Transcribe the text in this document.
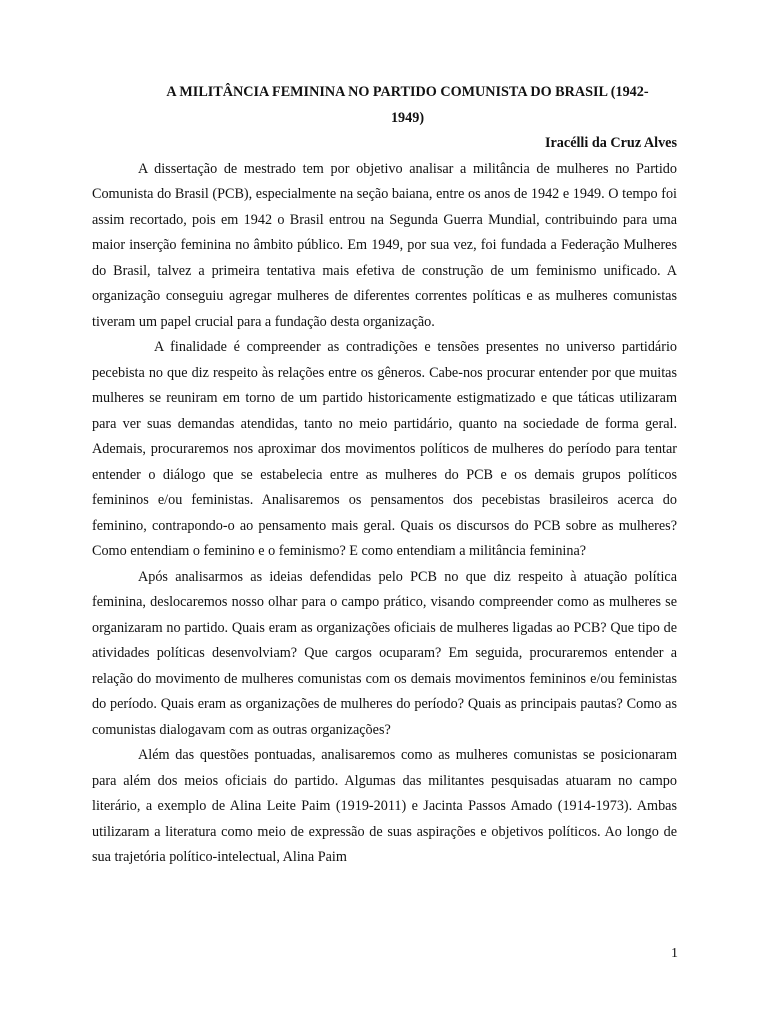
A MILITÂNCIA FEMININA NO PARTIDO COMUNISTA DO BRASIL (1942-
1949)

Iracélli da Cruz Alves

A dissertação de mestrado tem por objetivo analisar a militância de mulheres no Partido Comunista do Brasil (PCB), especialmente na seção baiana, entre os anos de 1942 e 1949. O tempo foi assim recortado, pois em 1942 o Brasil entrou na Segunda Guerra Mundial, contribuindo para uma maior inserção feminina no âmbito público. Em 1949, por sua vez, foi fundada a Federação Mulheres do Brasil, talvez a primeira tentativa mais efetiva de construção de um feminismo unificado. A organização conseguiu agregar mulheres de diferentes correntes políticas e as mulheres comunistas tiveram um papel crucial para a fundação desta organização.

A finalidade é compreender as contradições e tensões presentes no universo partidário pecebista no que diz respeito às relações entre os gêneros. Cabe-nos procurar entender por que muitas mulheres se reuniram em torno de um partido historicamente estigmatizado e que táticas utilizaram para ver suas demandas atendidas, tanto no meio partidário, quanto na sociedade de forma geral. Ademais, procuraremos nos aproximar dos movimentos políticos de mulheres do período para tentar entender o diálogo que se estabelecia entre as mulheres do PCB e os demais grupos políticos femininos e/ou feministas. Analisaremos os pensamentos dos pecebistas brasileiros acerca do feminino, contrapondo-o ao pensamento mais geral. Quais os discursos do PCB sobre as mulheres? Como entendiam o feminino e o feminismo? E como entendiam a militância feminina?

Após analisarmos as ideias defendidas pelo PCB no que diz respeito à atuação política feminina, deslocaremos nosso olhar para o campo prático, visando compreender como as mulheres se organizaram no partido. Quais eram as organizações oficiais de mulheres ligadas ao PCB? Que tipo de atividades políticas desenvolviam? Que cargos ocuparam? Em seguida, procuraremos entender a relação do movimento de mulheres comunistas com os demais movimentos femininos e/ou feministas do período. Quais eram as organizações de mulheres do período? Quais as principais pautas? Como as comunistas dialogavam com as outras organizações?

Além das questões pontuadas, analisaremos como as mulheres comunistas se posicionaram para além dos meios oficiais do partido. Algumas das militantes pesquisadas atuaram no campo literário, a exemplo de Alina Leite Paim (1919-2011) e Jacinta Passos Amado (1914-1973). Ambas utilizaram a literatura como meio de expressão de suas aspirações e objetivos políticos. Ao longo de sua trajetória político-intelectual, Alina Paim

1
